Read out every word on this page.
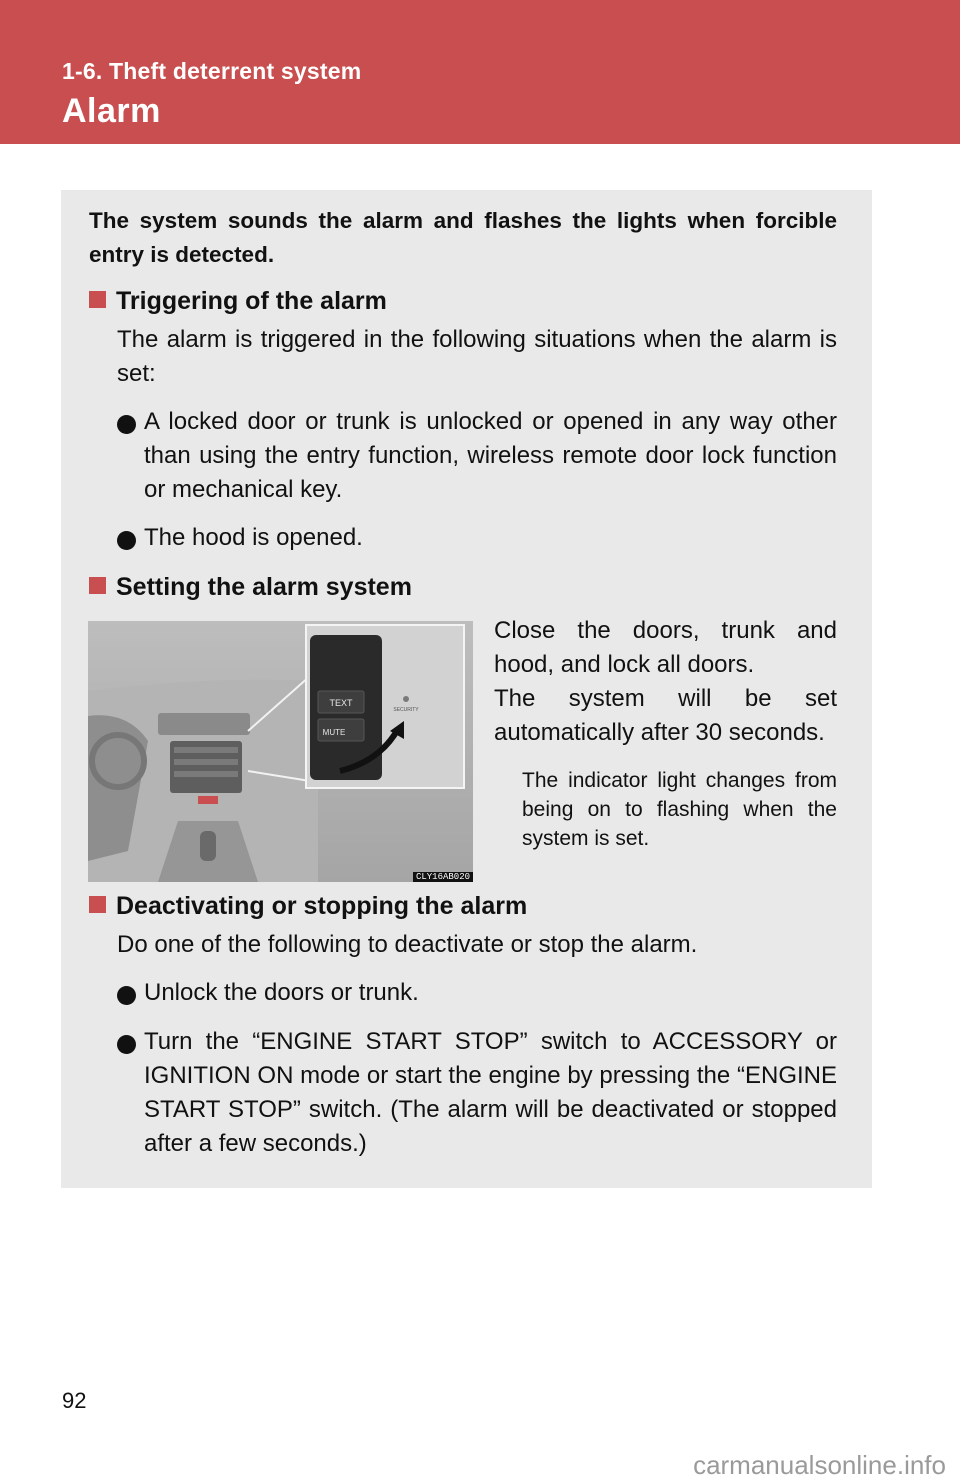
1-6. Theft deterrent system
Alarm
The system sounds the alarm and flashes the lights when forcible entry is detected.
Triggering of the alarm
The alarm is triggered in the following situations when the alarm is set:
A locked door or trunk is unlocked or opened in any way other than using the entry function, wireless remote door lock function or mechanical key.
The hood is opened.
Setting the alarm system
TEXT
MUTE
SECURITY
CLY16AB020
Close the doors, trunk and hood, and lock all doors.
The system will be set automatically after 30 seconds.
The indicator light changes from being on to flashing when the system is set.
Deactivating or stopping the alarm
Do one of the following to deactivate or stop the alarm.
Unlock the doors or trunk.
Turn the “ENGINE START STOP” switch to ACCESSORY or IGNITION ON mode or start the engine by pressing the “ENGINE START STOP” switch. (The alarm will be deactivated or stopped after a few seconds.)
92
carmanualsonline.info
